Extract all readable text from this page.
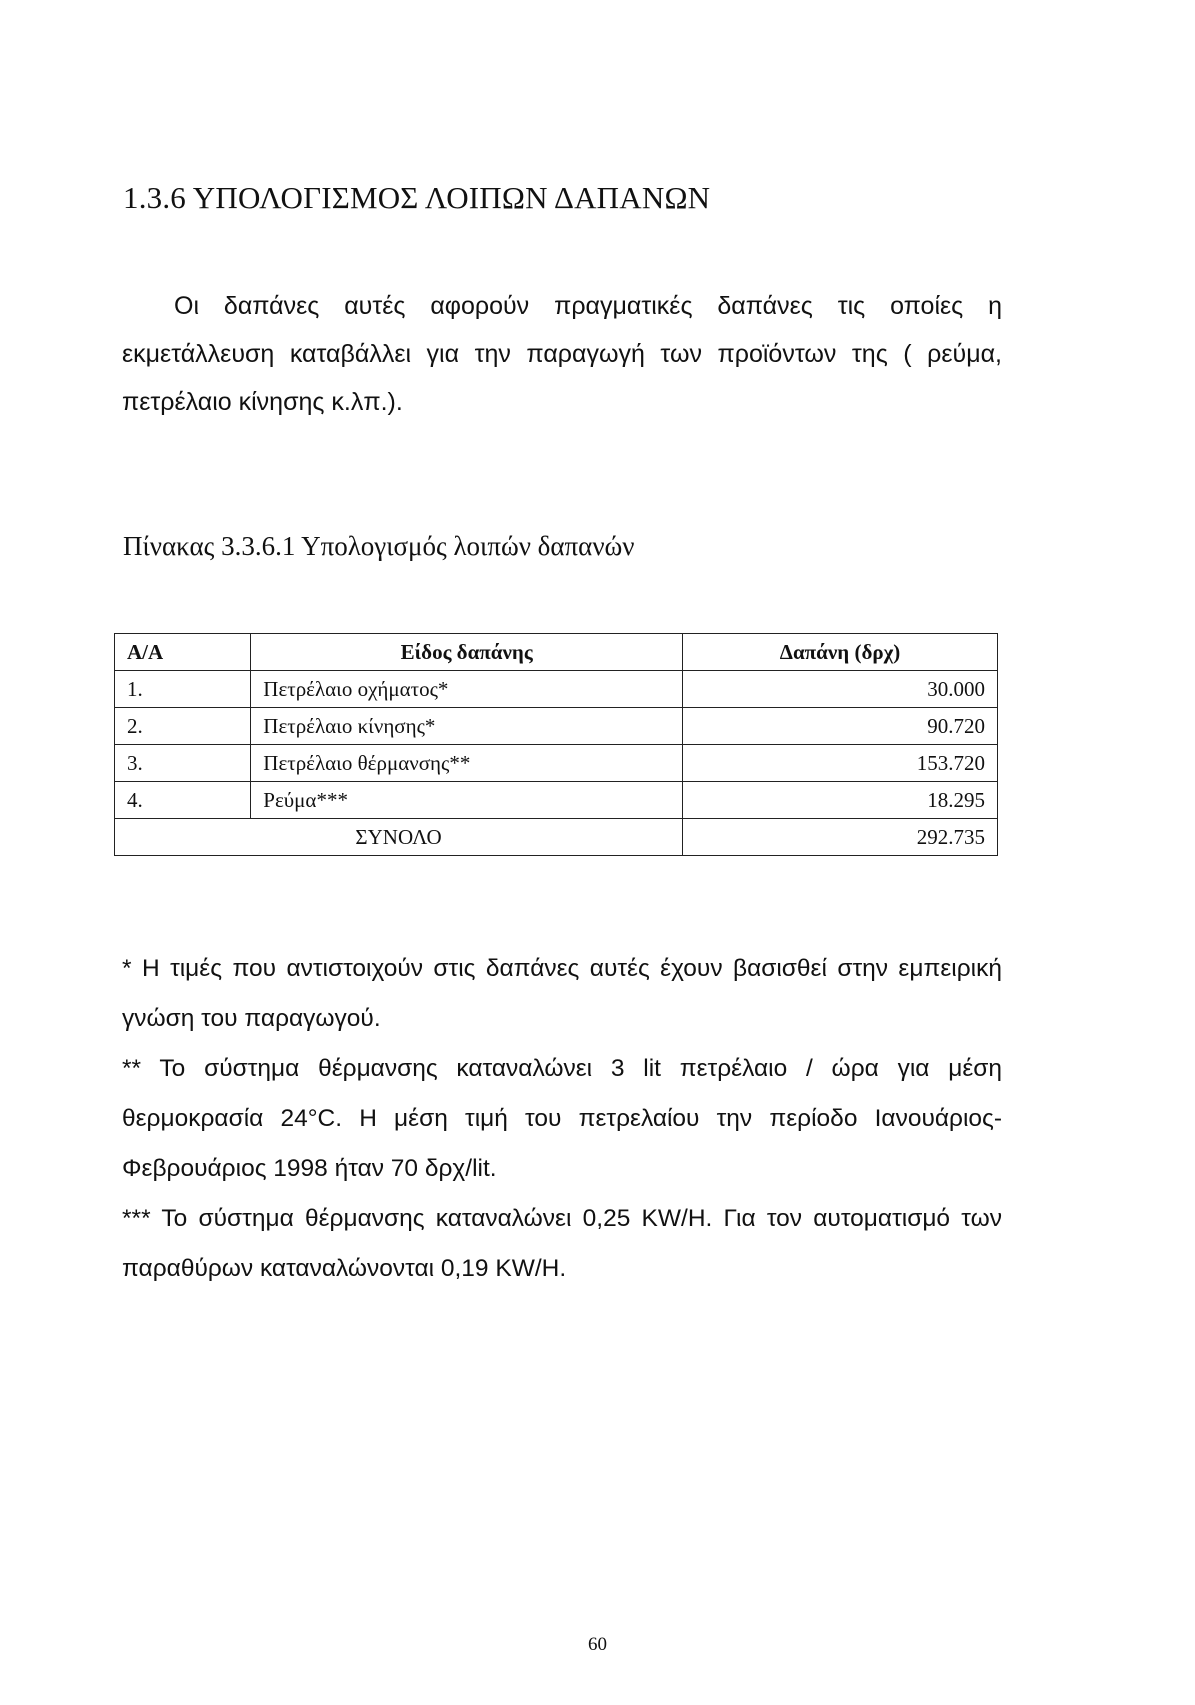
1.3.6 ΥΠΟΛΟΓΙΣΜΟΣ ΛΟΙΠΩΝ ΔΑΠΑΝΩΝ

Οι δαπάνες αυτές αφορούν πραγματικές δαπάνες τις οποίες η εκμετάλλευση καταβάλλει για την παραγωγή των προϊόντων της ( ρεύμα, πετρέλαιο κίνησης κ.λπ.).

Πίνακας 3.3.6.1 Υπολογισμός λοιπών δαπανών

Α/Α	Είδος δαπάνης	Δαπάνη (δρχ)
1.	Πετρέλαιο οχήματος*	30.000
2.	Πετρέλαιο κίνησης*	90.720
3.	Πετρέλαιο θέρμανσης**	153.720
4.	Ρεύμα***	18.295
ΣΥΝΟΛΟ		292.735

* Η τιμές που αντιστοιχούν στις δαπάνες αυτές έχουν βασισθεί στην εμπειρική γνώση του παραγωγού.

** Το σύστημα θέρμανσης καταναλώνει 3 lit πετρέλαιο / ώρα για μέση θερμοκρασία 24°C. Η μέση τιμή του πετρελαίου την περίοδο Ιανουάριος-Φεβρουάριος 1998 ήταν 70 δρχ/lit.

*** Το σύστημα θέρμανσης καταναλώνει 0,25 KW/H. Για τον αυτοματισμό των παραθύρων καταναλώνονται 0,19 KW/H.

60
